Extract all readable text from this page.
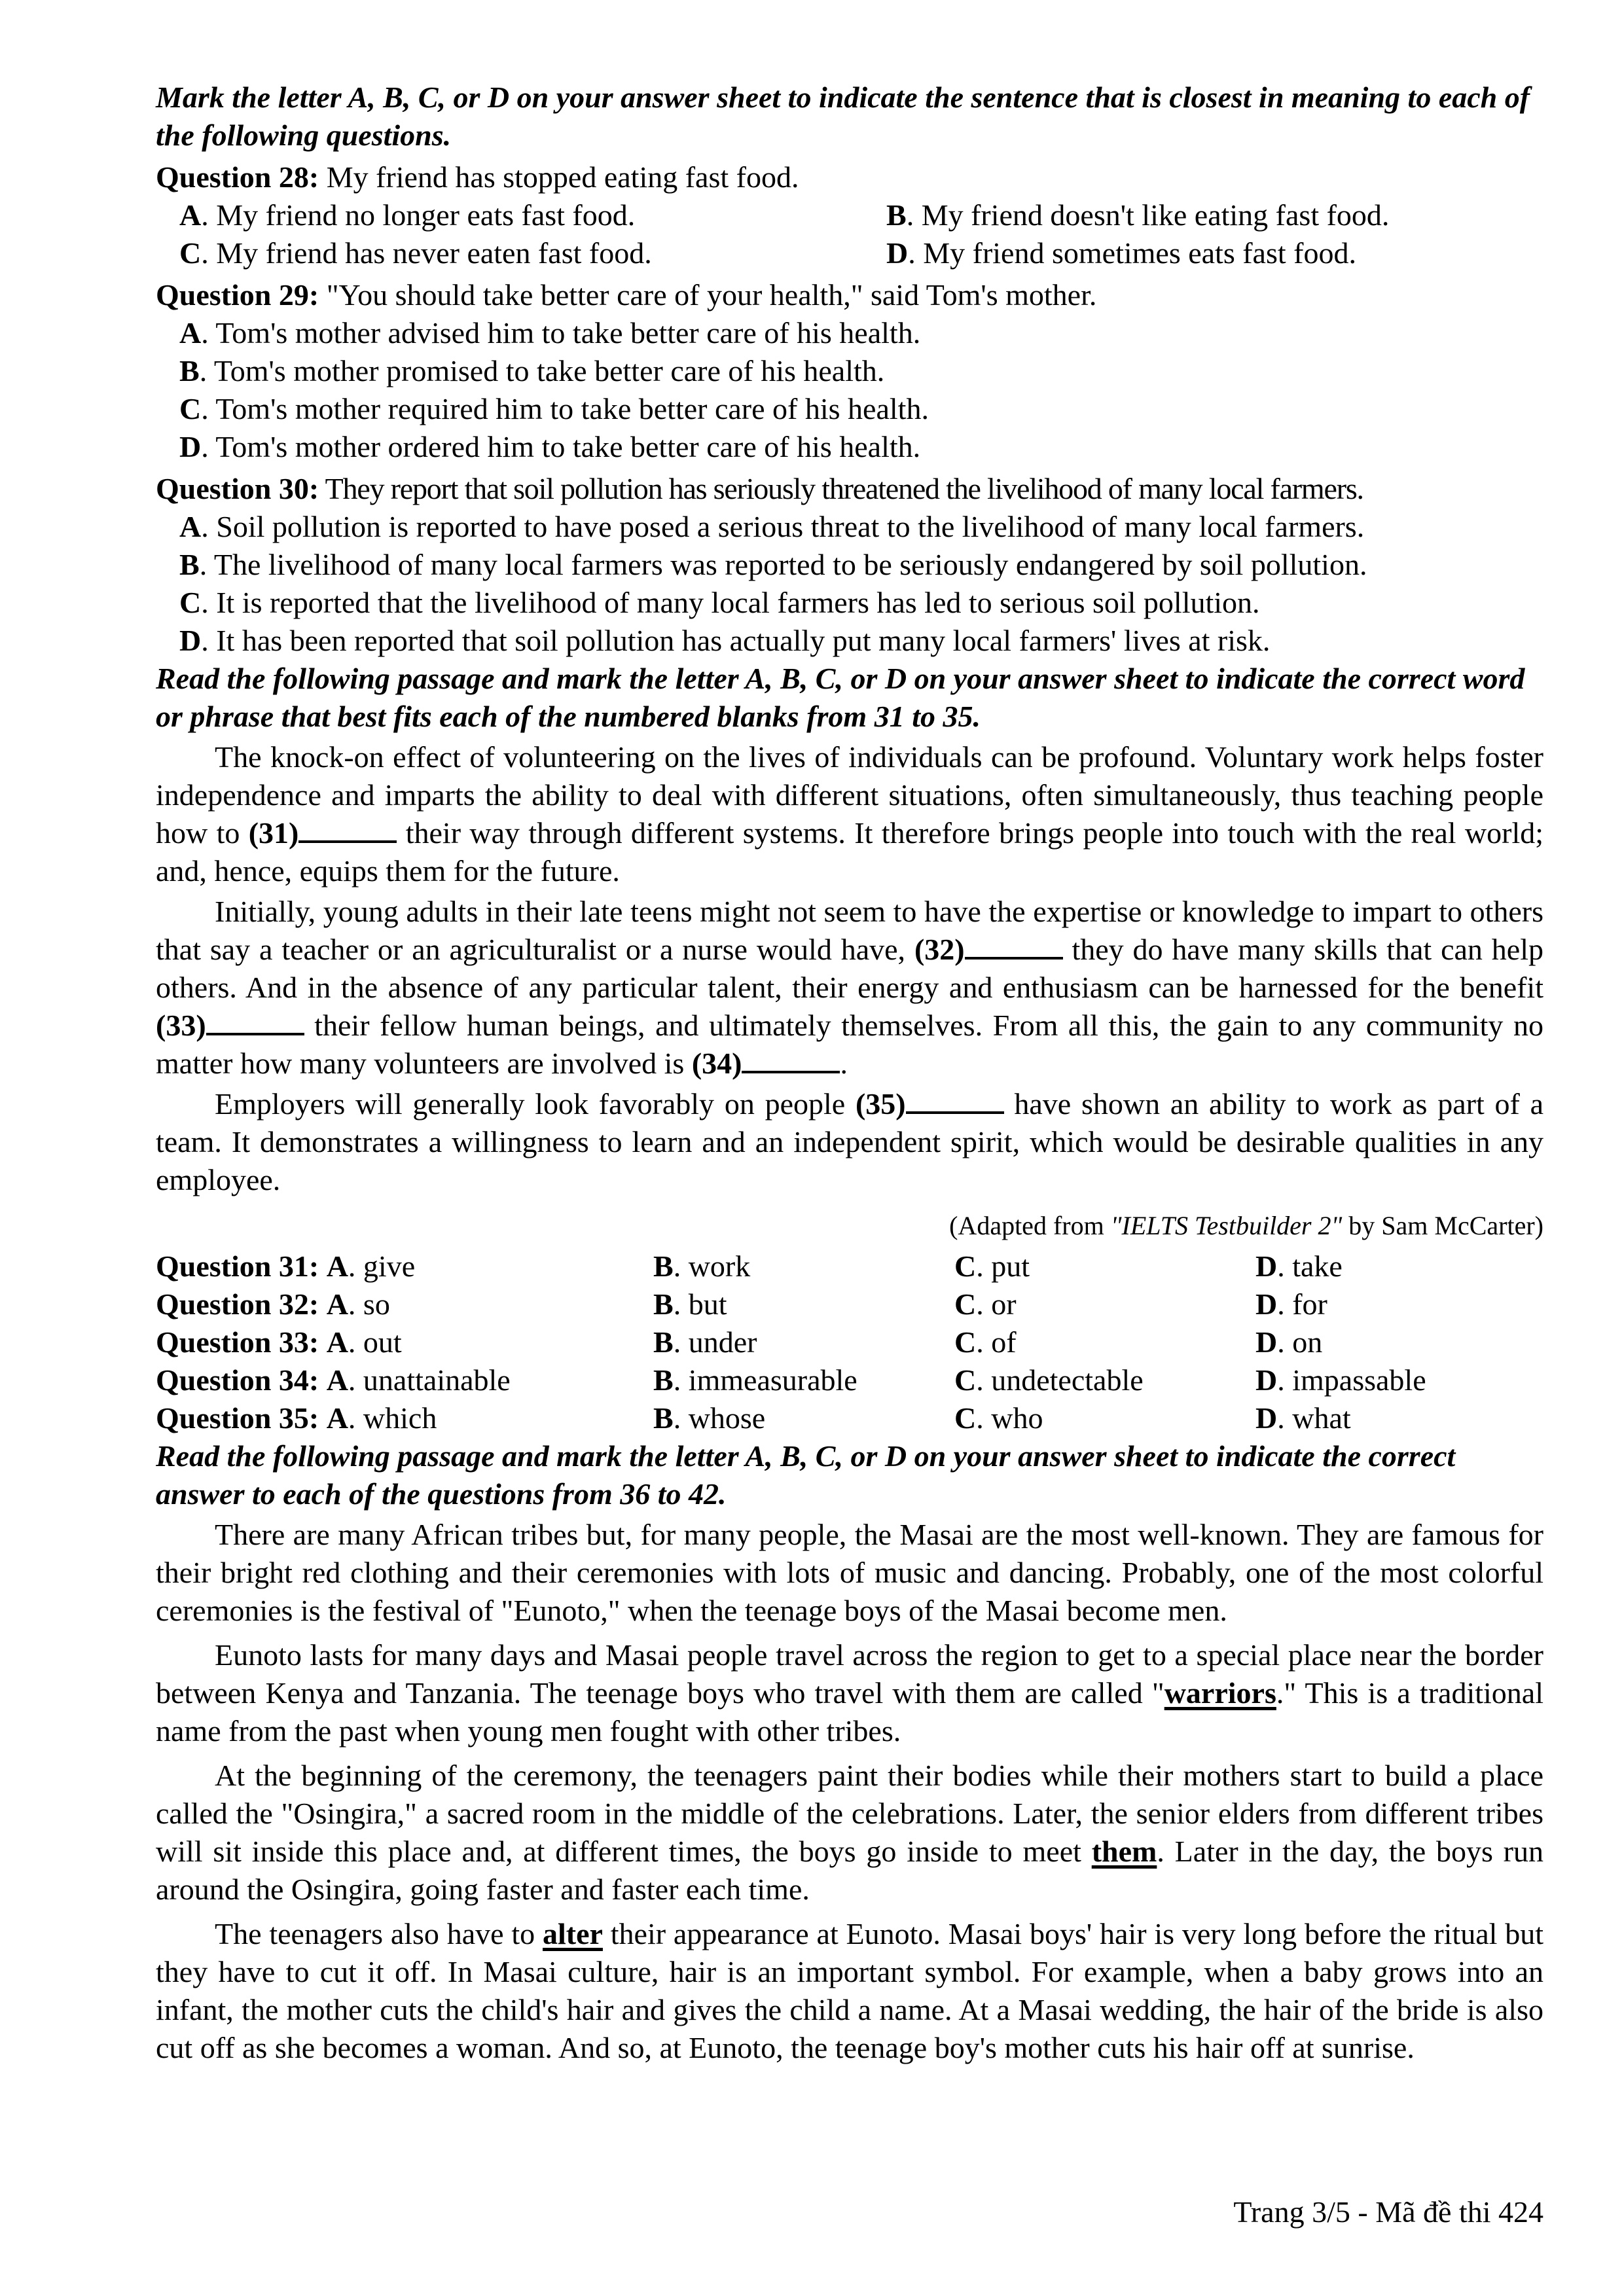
Mark the letter A, B, C, or D on your answer sheet to indicate the sentence that is closest in meaning to each of the following questions.

Question 28: My friend has stopped eating fast food.
A. My friend no longer eats fast food.	B. My friend doesn't like eating fast food.
C. My friend has never eaten fast food.	D. My friend sometimes eats fast food.
Question 29: "You should take better care of your health," said Tom's mother.
A. Tom's mother advised him to take better care of his health.
B. Tom's mother promised to take better care of his health.
C. Tom's mother required him to take better care of his health.
D. Tom's mother ordered him to take better care of his health.
Question 30: They report that soil pollution has seriously threatened the livelihood of many local farmers.
A. Soil pollution is reported to have posed a serious threat to the livelihood of many local farmers.
B. The livelihood of many local farmers was reported to be seriously endangered by soil pollution.
C. It is reported that the livelihood of many local farmers has led to serious soil pollution.
D. It has been reported that soil pollution has actually put many local farmers' lives at risk.

Read the following passage and mark the letter A, B, C, or D on your answer sheet to indicate the correct word or phrase that best fits each of the numbered blanks from 31 to 35.

The knock-on effect of volunteering on the lives of individuals can be profound. Voluntary work helps foster independence and imparts the ability to deal with different situations, often simultaneously, thus teaching people how to (31)	their way through different systems. It therefore brings people into touch with the real world; and, hence, equips them for the future.

Initially, young adults in their late teens might not seem to have the expertise or knowledge to impart to others that say a teacher or an agriculturalist or a nurse would have, (32)	they do have many skills that can help others. And in the absence of any particular talent, their energy and enthusiasm can be harnessed for the benefit (33)	their fellow human beings, and ultimately themselves. From all this, the gain to any community no matter how many volunteers are involved is (34)	.

Employers will generally look favorably on people (35)	have shown an ability to work as part of a team. It demonstrates a willingness to learn and an independent spirit, which would be desirable qualities in any employee.

(Adapted from "IELTS Testbuilder 2" by Sam McCarter)

Question 31: A. give	B. work	C. put	D. take
Question 32: A. so	B. but	C. or	D. for
Question 33: A. out	B. under	C. of	D. on
Question 34: A. unattainable	B. immeasurable	C. undetectable	D. impassable
Question 35: A. which	B. whose	C. who	D. what

Read the following passage and mark the letter A, B, C, or D on your answer sheet to indicate the correct answer to each of the questions from 36 to 42.

There are many African tribes but, for many people, the Masai are the most well-known. They are famous for their bright red clothing and their ceremonies with lots of music and dancing. Probably, one of the most colorful ceremonies is the festival of "Eunoto," when the teenage boys of the Masai become men.

Eunoto lasts for many days and Masai people travel across the region to get to a special place near the border between Kenya and Tanzania. The teenage boys who travel with them are called "warriors." This is a traditional name from the past when young men fought with other tribes.

At the beginning of the ceremony, the teenagers paint their bodies while their mothers start to build a place called the "Osingira," a sacred room in the middle of the celebrations. Later, the senior elders from different tribes will sit inside this place and, at different times, the boys go inside to meet them. Later in the day, the boys run around the Osingira, going faster and faster each time.

The teenagers also have to alter their appearance at Eunoto. Masai boys' hair is very long before the ritual but they have to cut it off. In Masai culture, hair is an important symbol. For example, when a baby grows into an infant, the mother cuts the child's hair and gives the child a name. At a Masai wedding, the hair of the bride is also cut off as she becomes a woman. And so, at Eunoto, the teenage boy's mother cuts his hair off at sunrise.

Trang 3/5 - Mã đề thi 424
